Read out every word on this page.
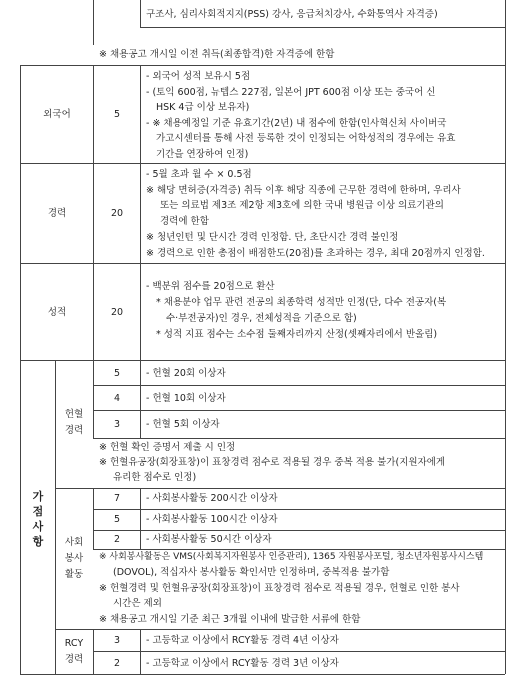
구조사, 심리사회적지지(PSS) 강사, 응급처치강사, 수화통역사 자격증)
※ 채용공고 개시일 이전 취득(최종합격)한 자격증에 한함
외국어	5
- 외국어 성적 보유시 5점
- (토익 600점, 뉴텝스 227점, 일본어 JPT 600점 이상 또는 중국어 신
HSK 4급 이상 보유자)
- ※ 채용예정일 기준 유효기간(2년) 내 점수에 한함(인사혁신처 사이버국
가고시센터를 통해 사전 등록한 것이 인정되는 어학성적의 경우에는 유효
기간을 연장하여 인정)
경력	20
- 5월 초과 월 수 × 0.5점
※ 해당 면허증(자격증) 취득 이후 해당 직종에 근무한 경력에 한하며, 우리사
또는 의료법 제3조 제2항 제3호에 의한 국내 병원급 이상 의료기관의
경력에 한함
※ 청년인턴 및 단시간 경력 인정함. 단, 초단시간 경력 불인정
※ 경력으로 인한 총점이 배점한도(20점)를 초과하는 경우, 최대 20점까지 인정함.
성적	20
- 백분위 점수를 20점으로 환산
* 채용분야 업무 관련 전공의 최종학력 성적만 인정(단, 다수 전공자(복
수·부전공자)인 경우, 전체성적을 기준으로 함)
* 성적 지표 점수는 소수점 둘째자리까지 산정(셋째자리에서 반올림)
가
점
사
항
헌혈
경력
5	- 헌혈 20회 이상자
4	- 헌혈 10회 이상자
3	- 헌혈 5회 이상자
※ 헌혈 확인 증명서 제출 시 인정
※ 헌혈유공장(회장표창)이 표창경력 점수로 적용될 경우 중복 적용 불가(지원자에게
유리한 점수로 인정)
사회
봉사
활동
7	- 사회봉사활동 200시간 이상자
5	- 사회봉사활동 100시간 이상자
2	- 사회봉사활동 50시간 이상자
※ 사회봉사활동은 VMS(사회복지자원봉사 인증관리), 1365 자원봉사포털, 청소년자원봉사시스템
(DOVOL), 적십자사 봉사활동 확인서만 인정하며, 중복적용 불가함
※ 헌혈경력 및 헌혈유공장(회장표창)이 표창경력 점수로 적용될 경우, 헌혈로 인한 봉사
시간은 제외
※ 채용공고 개시일 기준 최근 3개월 이내에 발급한 서류에 한함
RCY
경력
3	- 고등학교 이상에서 RCY활동 경력 4년 이상자
2	- 고등학교 이상에서 RCY활동 경력 3년 이상자
